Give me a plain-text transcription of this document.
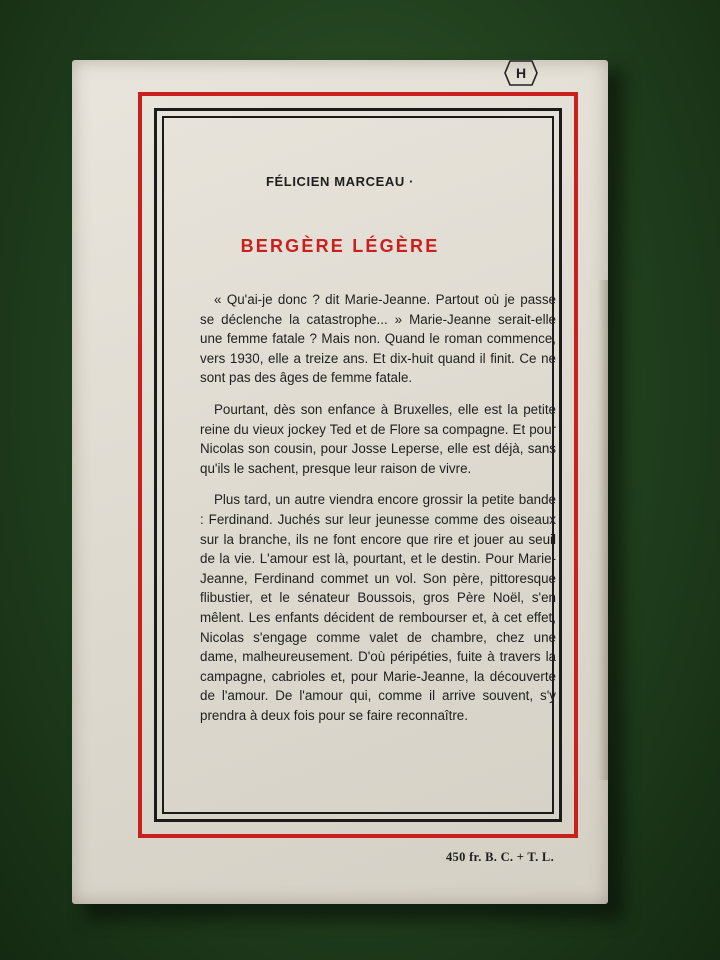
H
FÉLICIEN MARCEAU ·
BERGÈRE LÉGÈRE

« Qu'ai-je donc ? dit Marie-Jeanne. Partout où je passe se déclenche la catastrophe... » Marie-Jeanne serait-elle une femme fatale ? Mais non. Quand le roman commence, vers 1930, elle a treize ans. Et dix-huit quand il finit. Ce ne sont pas des âges de femme fatale.

Pourtant, dès son enfance à Bruxelles, elle est la petite reine du vieux jockey Ted et de Flore sa compagne. Et pour Nicolas son cousin, pour Josse Leperse, elle est déjà, sans qu'ils le sachent, presque leur raison de vivre.

Plus tard, un autre viendra encore grossir la petite bande : Ferdinand. Juchés sur leur jeunesse comme des oiseaux sur la branche, ils ne font encore que rire et jouer au seuil de la vie. L'amour est là, pourtant, et le destin. Pour Marie-Jeanne, Ferdinand commet un vol. Son père, pittoresque flibustier, et le sénateur Boussois, gros Père Noël, s'en mêlent. Les enfants décident de rembourser et, à cet effet, Nicolas s'engage comme valet de chambre, chez une dame, malheureusement. D'où péripéties, fuite à travers la campagne, cabrioles et, pour Marie-Jeanne, la découverte de l'amour. De l'amour qui, comme il arrive souvent, s'y prendra à deux fois pour se faire reconnaître.

450 fr. B. C. + T. L.
